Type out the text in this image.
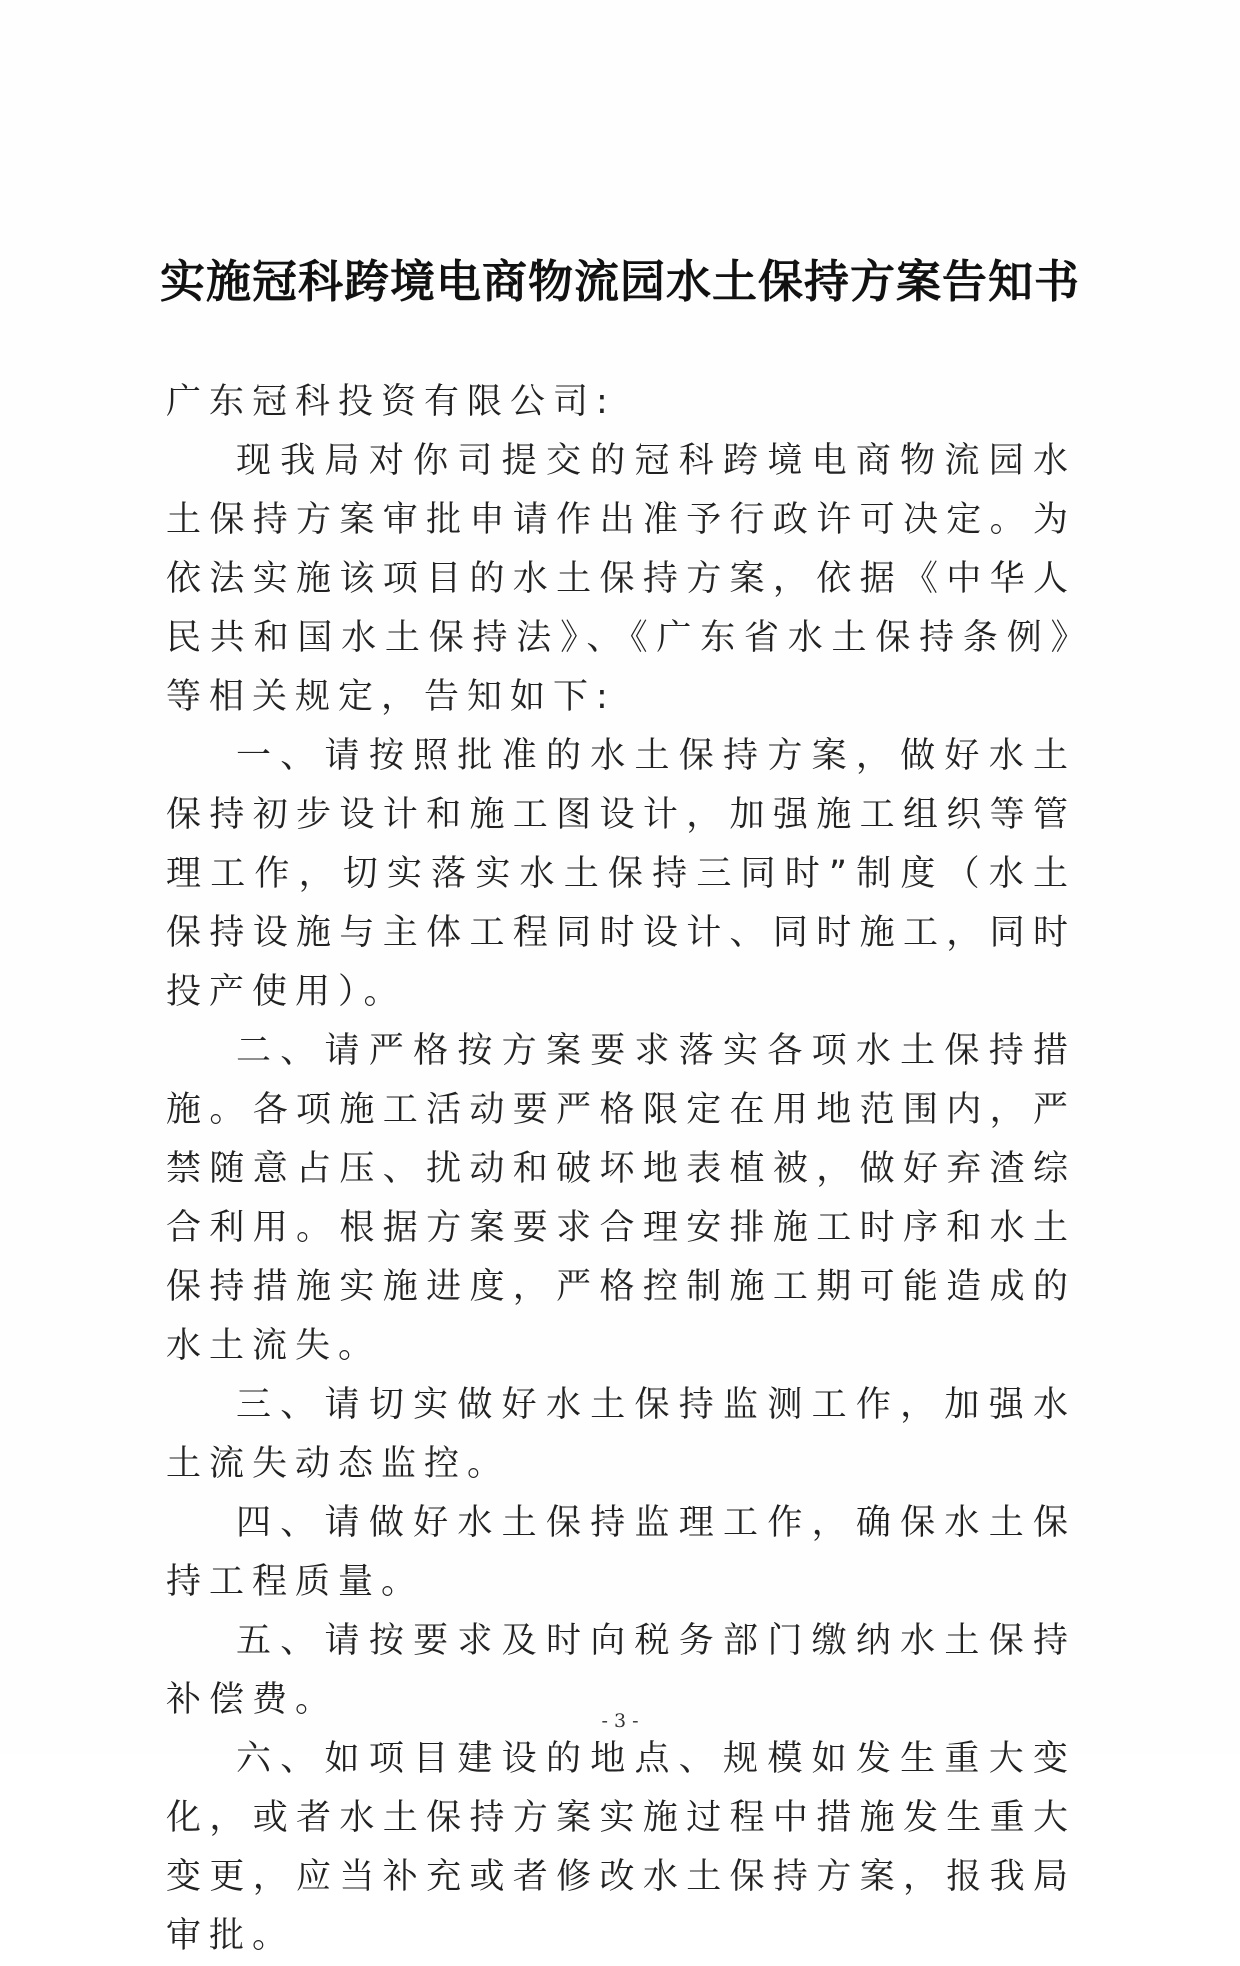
实施冠科跨境电商物流园水土保持方案告知书

广东冠科投资有限公司:

现我局对你司提交的冠科跨境电商物流园水土保持方案审批申请作出准予行政许可决定。为依法实施该项目的水土保持方案，依据《中华人民共和国水土保持法》、《广东省水土保持条例》等相关规定，告知如下:

一、请按照批准的水土保持方案，做好水土保持初步设计和施工图设计，加强施工组织等管理工作，切实落实水土保持三同时”制度（水土保持设施与主体工程同时设计、同时施工，同时投产使用）。

二、请严格按方案要求落实各项水土保持措施。各项施工活动要严格限定在用地范围内，严禁随意占压、扰动和破坏地表植被，做好弃渣综合利用。根据方案要求合理安排施工时序和水土保持措施实施进度，严格控制施工期可能造成的水土流失。

三、请切实做好水土保持监测工作，加强水土流失动态监控。

四、请做好水土保持监理工作，确保水土保持工程质量。

五、请按要求及时向税务部门缴纳水土保持补偿费。

六、如项目建设的地点、规模如发生重大变化，或者水土保持方案实施过程中措施发生重大变更，应当补充或者修改水土保持方案，报我局审批。

- 3 -
